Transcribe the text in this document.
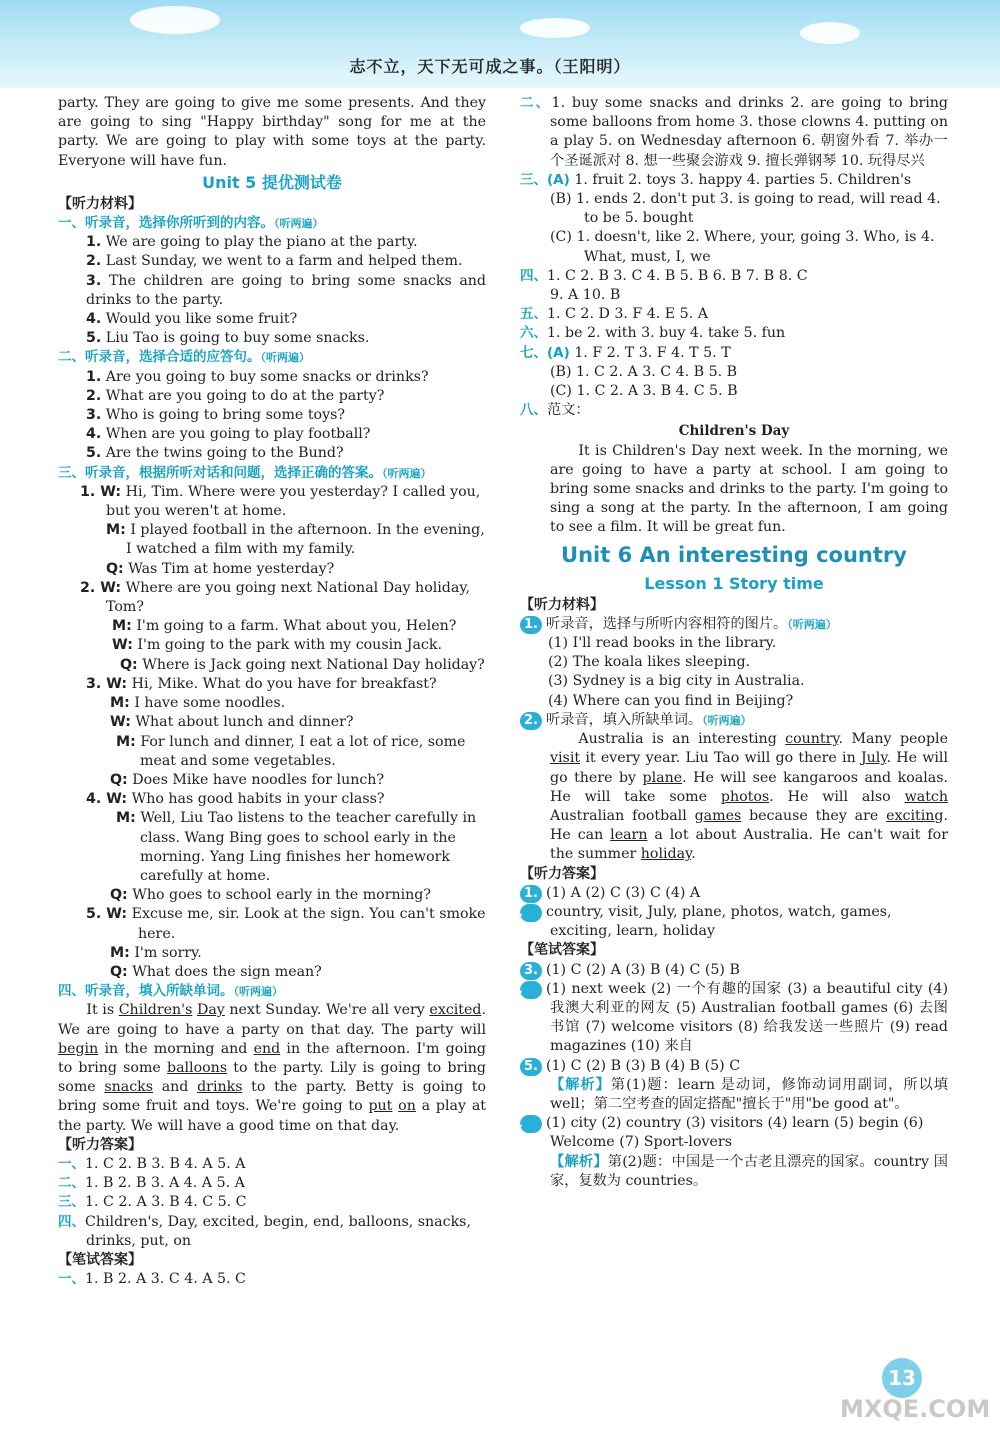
志不立，天下无可成之事。（王阳明）

party. They are going to give me some presents. And they are going to sing "Happy birthday" song for me at the party. We are going to play with some toys at the party. Everyone will have fun.

Unit 5 提优测试卷
【听力材料】
一、听录音，选择你所听到的内容。（听两遍）
1. We are going to play the piano at the party.
2. Last Sunday, we went to a farm and helped them.
3. The children are going to bring some snacks and drinks to the party.
4. Would you like some fruit?
5. Liu Tao is going to buy some snacks.
二、听录音，选择合适的应答句。（听两遍）
1. Are you going to buy some snacks or drinks?
2. What are you going to do at the party?
3. Who is going to bring some toys?
4. When are you going to play football?
5. Are the twins going to the Bund?
三、听录音，根据所听对话和问题，选择正确的答案。（听两遍）
1. W: Hi, Tim. Where were you yesterday? I called you, but you weren't at home.
M: I played football in the afternoon. In the evening, I watched a film with my family.
Q: Was Tim at home yesterday?
2. W: Where are you going next National Day holiday, Tom?
M: I'm going to a farm. What about you, Helen?
W: I'm going to the park with my cousin Jack.
Q: Where is Jack going next National Day holiday?
3. W: Hi, Mike. What do you have for breakfast?
M: I have some noodles.
W: What about lunch and dinner?
M: For lunch and dinner, I eat a lot of rice, some meat and some vegetables.
Q: Does Mike have noodles for lunch?
4. W: Who has good habits in your class?
M: Well, Liu Tao listens to the teacher carefully in class. Wang Bing goes to school early in the morning. Yang Ling finishes her homework carefully at home.
Q: Who goes to school early in the morning?
5. W: Excuse me, sir. Look at the sign. You can't smoke here.
M: I'm sorry.
Q: What does the sign mean?
四、听录音，填入所缺单词。（听两遍）

It is Children's Day next Sunday. We're all very excited. We are going to have a party on that day. The party will begin in the morning and end in the afternoon. I'm going to bring some balloons to the party. Lily is going to bring some snacks and drinks to the party. Betty is going to bring some fruit and toys. We're going to put on a play at the party. We will have a good time on that day.

【听力答案】
一、1. C 2. B 3. B 4. A 5. A
二、1. B 2. B 3. A 4. A 5. A
三、1. C 2. A 3. B 4. C 5. C
四、Children's, Day, excited, begin, end, balloons, snacks, drinks, put, on
【笔试答案】
一、1. B 2. A 3. C 4. A 5. C
二、1. buy some snacks and drinks 2. are going to bring some balloons from home 3. those clowns 4. putting on a play 5. on Wednesday afternoon 6. 朝窗外看 7. 举办一个圣诞派对 8. 想一些聚会游戏 9. 擅长弹钢琴 10. 玩得尽兴
三、(A) 1. fruit 2. toys 3. happy 4. parties 5. Children's
(B) 1. ends 2. don't put 3. is going to read, will read 4. to be 5. bought
(C) 1. doesn't, like 2. Where, your, going 3. Who, is 4. What, must, I, we
四、1. C 2. B 3. C 4. B 5. B 6. B 7. B 8. C
9. A 10. B
五、1. C 2. D 3. F 4. E 5. A
六、1. be 2. with 3. buy 4. take 5. fun
七、(A) 1. F 2. T 3. F 4. T 5. T
(B) 1. C 2. A 3. C 4. B 5. B
(C) 1. C 2. A 3. B 4. C 5. B
八、范文：
Children's Day

It is Children's Day next week. In the morning, we are going to have a party at school. I am going to bring some snacks and drinks to the party. I'm going to sing a song at the party. In the afternoon, I am going to see a film. It will be great fun.

Unit 6 An interesting country
Lesson 1 Story time
【听力材料】
1. 听录音，选择与所听内容相符的图片。（听两遍）
(1) I'll read books in the library.
(2) The koala likes sleeping.
(3) Sydney is a big city in Australia.
(4) Where can you find in Beijing?
2. 听录音，填入所缺单词。（听两遍）

Australia is an interesting country. Many people visit it every year. Liu Tao will go there in July. He will go there by plane. He will see kangaroos and koalas. He will take some photos. He will also watch Australian football games because they are exciting. He can learn a lot about Australia. He can't wait for the summer holiday.

【听力答案】
1. (1) A (2) C (3) C (4) A
2. country, visit, July, plane, photos, watch, games, exciting, learn, holiday
【笔试答案】
3. (1) C (2) A (3) B (4) C (5) B
4. (1) next week (2) 一个有趣的国家 (3) a beautiful city (4) 我澳大利亚的网友 (5) Australian football games (6) 去图书馆 (7) welcome visitors (8) 给我发送一些照片 (9) read magazines (10) 来自
5. (1) C (2) B (3) B (4) B (5) C
【解析】第(1)题：learn 是动词，修饰动词用副词，所以填 well；第二空考查的固定搭配"擅长于"用"be good at"。
6. (1) city (2) country (3) visitors (4) learn (5) begin (6) Welcome (7) Sport-lovers
【解析】第(2)题：中国是一个古老且漂亮的国家。country 国家，复数为 countries。
13
MXQE.COM
